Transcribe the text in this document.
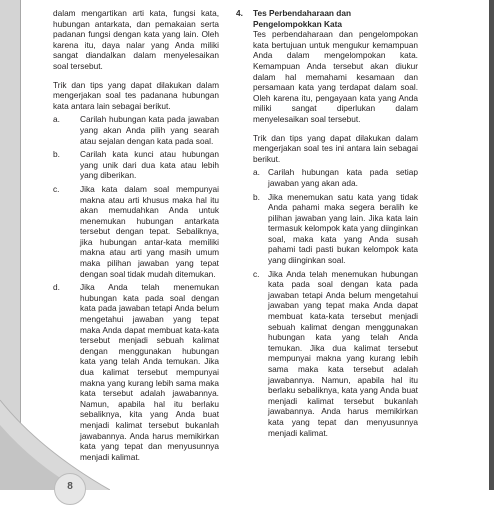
8

dalam mengartikan arti kata, fungsi kata, hubungan antarkata, dan pemakaian serta padanan fungsi dengan kata yang lain. Oleh karena itu, daya nalar yang Anda miliki sangat diandalkan dalam menyelesaikan soal tersebut.

Trik dan tips yang dapat dilakukan dalam mengerjakan soal tes padanana hubungan kata antara lain sebagai berikut.

a. Carilah hubungan kata pada jawaban yang akan Anda pilih yang searah atau sejalan dengan kata pada soal.

b. Carilah kata kunci atau hubungan yang unik dari dua kata atau lebih yang diberikan.

c. Jika kata dalam soal mempunyai makna atau arti khusus maka hal itu akan memudahkan Anda untuk menemukan hubungan antarkata tersebut dengan tepat. Sebaliknya, jika hubungan antar-kata memiliki makna atau arti yang masih umum maka pilihan jawaban yang tepat dengan soal tidak mudah ditemukan.

d. Jika Anda telah menemukan hubungan kata pada soal dengan kata pada jawaban tetapi Anda belum mengetahui jawaban yang tepat maka Anda dapat membuat kata-kata tersebut menjadi sebuah kalimat dengan menggunakan hubungan kata yang telah Anda temukan. Jika dua kalimat tersebut mempunyai makna yang kurang lebih sama maka kata tersebut adalah jawabannya. Namun, apabila hal itu berlaku sebaliknya, kita yang Anda buat menjadi kalimat tersebut bukanlah jawabannya. Anda harus memikirkan kata yang tepat dan menyusunnya menjadi kalimat.

4. Tes Perbendaharaan dan Pengelompokkan Kata

Tes perbendaharaan dan pengelompokan kata bertujuan untuk mengukur kemampuan Anda dalam mengelompokan kata. Kemampuan Anda tersebut akan diukur dalam hal memahami kesamaan dan persamaan kata yang terdapat dalam soal. Oleh karena itu, pengayaan kata yang Anda miliki sangat diperlukan dalam menyelesaikan soal tersebut.

Trik dan tips yang dapat dilakukan dalam mengerjakan soal tes ini antara lain sebagai berikut.

a. Carilah hubungan kata pada setiap jawaban yang akan ada.

b. Jika menemukan satu kata yang tidak Anda pahami maka segera beralih ke pilihan jawaban yang lain. Jika kata lain termasuk kelompok kata yang diinginkan soal, maka kata yang Anda susah pahami tadi pasti bukan kelompok kata yang diinginkan soal.

c. Jika Anda telah menemukan hubungan kata pada soal dengan kata pada jawaban tetapi Anda belum mengetahui jawaban yang tepat maka Anda dapat membuat kata-kata tersebut menjadi sebuah kalimat dengan menggunakan hubungan kata yang telah Anda temukan. Jika dua kalimat tersebut mempunyai makna yang kurang lebih sama maka kata tersebut adalah jawabannya. Namun, apabila hal itu berlaku sebaliknya, kata yang Anda buat menjadi kalimat tersebut bukanlah jawabannya. Anda harus memikirkan kata yang tepat dan menyusunnya menjadi kalimat.
